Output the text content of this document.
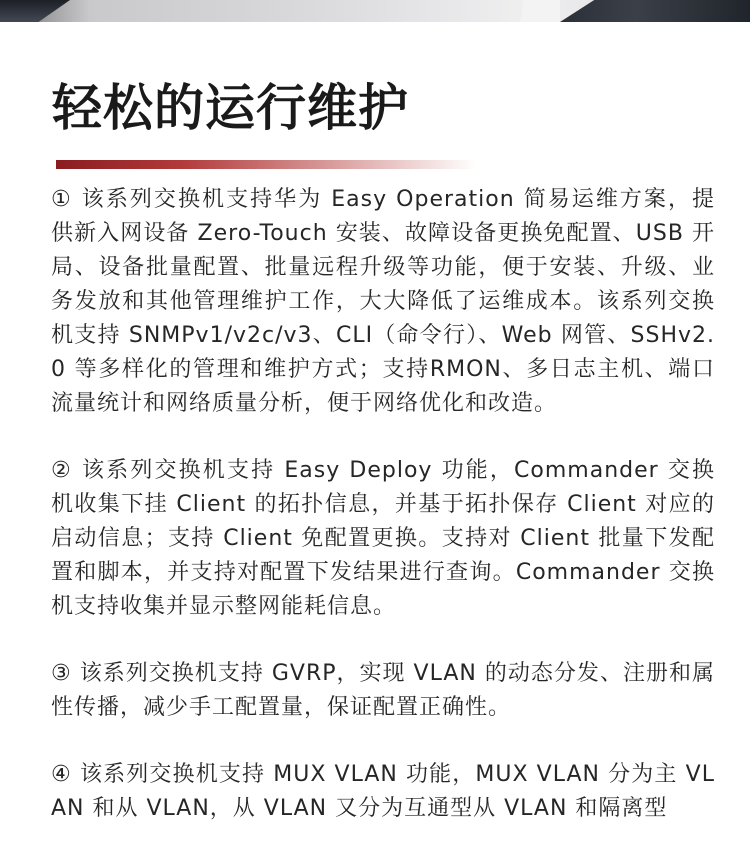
轻松的运行维护

① 该系列交换机支持华为 Easy Operation 简易运维方案，提供新入网设备 Zero-Touch 安装、故障设备更换免配置、USB 开局、设备批量配置、批量远程升级等功能，便于安装、升级、业务发放和其他管理维护工作，大大降低了运维成本。该系列交换机支持 SNMPv1/v2c/v3、CLI（命令行）、Web 网管、SSHv2.0 等多样化的管理和维护方式；支持RMON、多日志主机、端口流量统计和网络质量分析，便于网络优化和改造。

② 该系列交换机支持 Easy Deploy 功能，Commander 交换机收集下挂 Client 的拓扑信息，并基于拓扑保存 Client 对应的启动信息；支持 Client 免配置更换。支持对 Client 批量下发配置和脚本，并支持对配置下发结果进行查询。Commander 交换机支持收集并显示整网能耗信息。

③ 该系列交换机支持 GVRP，实现 VLAN 的动态分发、注册和属性传播，减少手工配置量，保证配置正确性。

④ 该系列交换机支持 MUX VLAN 功能，MUX VLAN 分为主 VLAN 和从 VLAN，从 VLAN 又分为互通型从 VLAN 和隔离型
